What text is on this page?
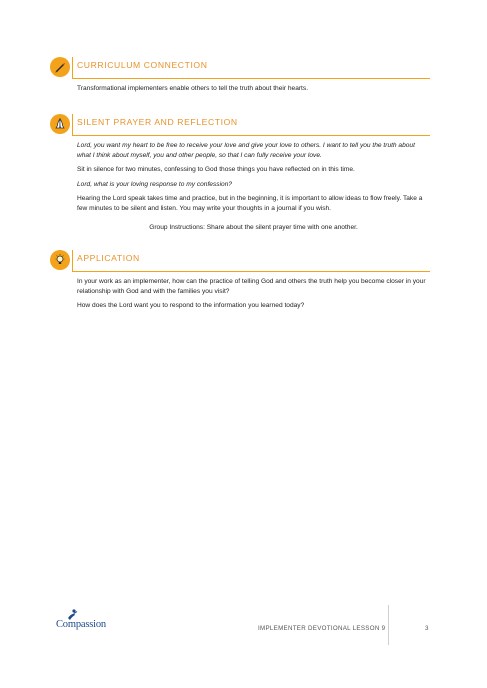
CURRICULUM CONNECTION

Transformational implementers enable others to tell the truth about their hearts.

SILENT PRAYER AND REFLECTION

Lord, you want my heart to be free to receive your love and give your love to others. I want to tell you the truth about what I think about myself, you and other people, so that I can fully receive your love.

Sit in silence for two minutes, confessing to God those things you have reflected on in this time.

Lord, what is your loving response to my confession?

Hearing the Lord speak takes time and practice, but in the beginning, it is important to allow ideas to flow freely. Take a few minutes to be silent and listen. You may write your thoughts in a journal if you wish.

Group Instructions: Share about the silent prayer time with one another.

APPLICATION

In your work as an implementer, how can the practice of telling God and others the truth help you become closer in your relationship with God and with the families you visit?

How does the Lord want you to respond to the information you learned today?

Compassion	IMPLEMENTER DEVOTIONAL LESSON 9	3
